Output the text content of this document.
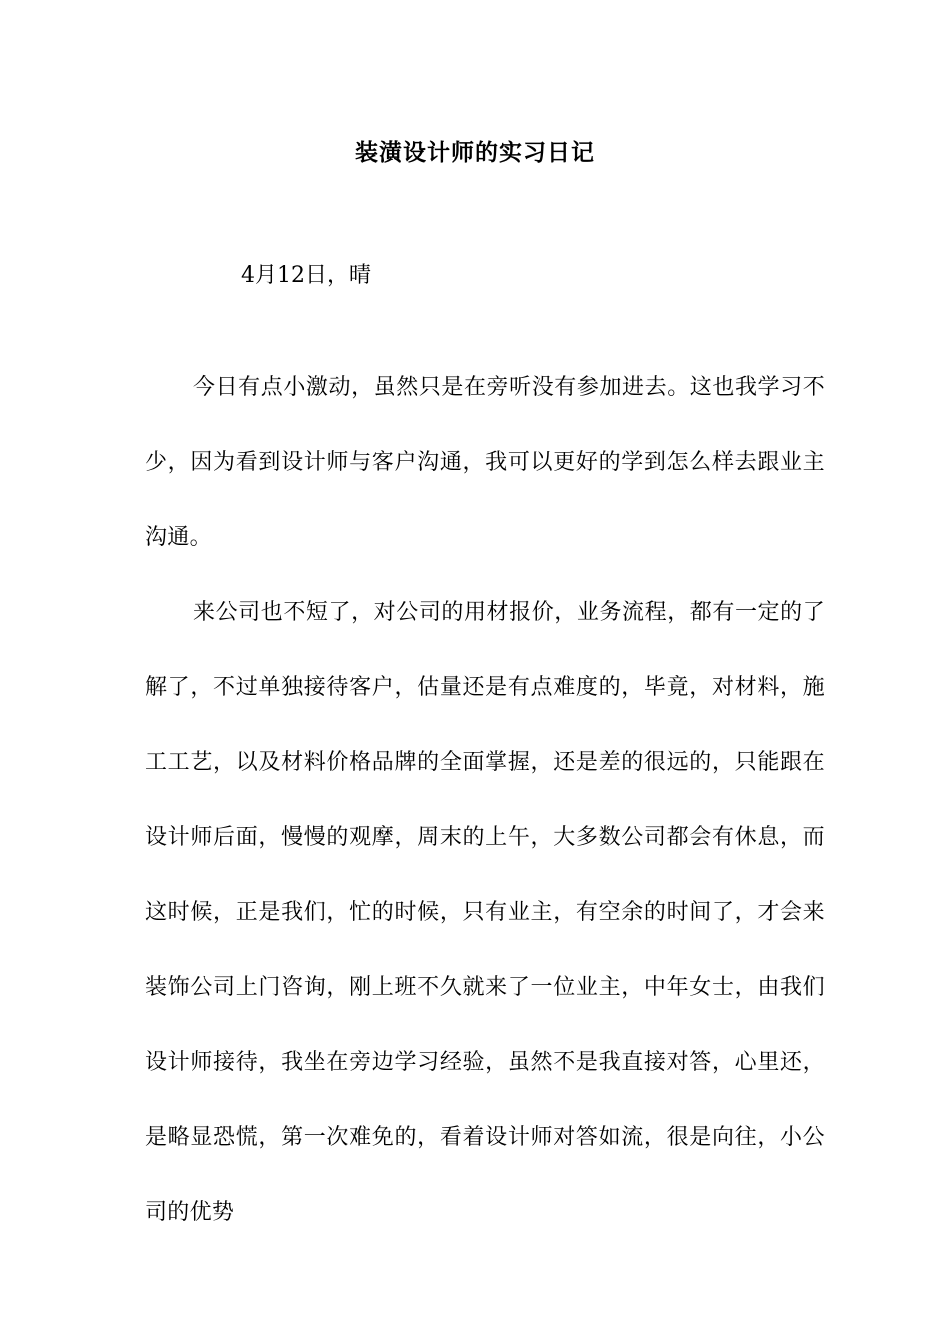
装潢设计师的实习日记

4月12日，晴

今日有点小激动，虽然只是在旁听没有参加进去。这也我学习不少，因为看到设计师与客户沟通，我可以更好的学到怎么样去跟业主沟通。

来公司也不短了，对公司的用材报价，业务流程，都有一定的了解了，不过单独接待客户，估量还是有点难度的，毕竟，对材料，施工工艺，以及材料价格品牌的全面掌握，还是差的很远的，只能跟在设计师后面，慢慢的观摩，周末的上午，大多数公司都会有休息，而这时候，正是我们，忙的时候，只有业主，有空余的时间了，才会来装饰公司上门咨询，刚上班不久就来了一位业主，中年女士，由我们设计师接待，我坐在旁边学习经验，虽然不是我直接对答，心里还，是略显恐慌，第一次难免的，看着设计师对答如流，很是向往，小公司的优势
